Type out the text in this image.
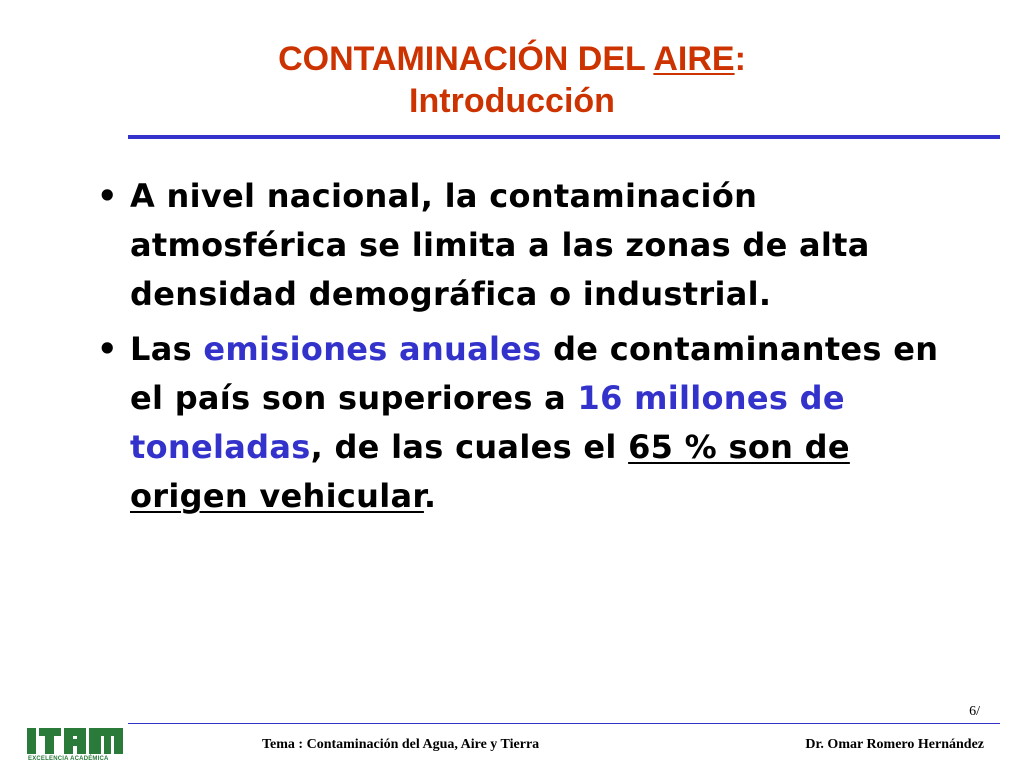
CONTAMINACIÓN DEL AIRE:
Introducción
• A nivel nacional, la contaminación atmosférica se limita a las zonas de alta densidad demográfica o industrial.
• Las emisiones anuales de contaminantes en el país son superiores a 16 millones de toneladas, de las cuales el 65 % son de origen vehicular.
6/
ITAM
EXCELENCIA ACADÉMICA
Tema : Contaminación del Agua, Aire y Tierra	Dr. Omar Romero Hernández
